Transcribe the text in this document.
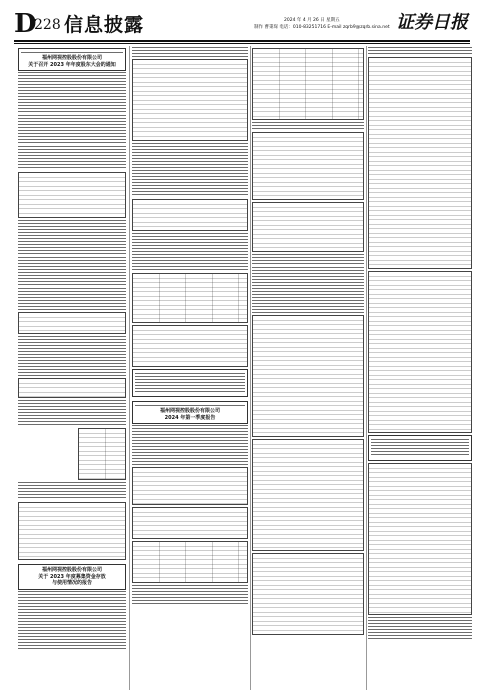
D
228 信息披露	2024 年 4 月 26 日 星期五
制作 曹秉琛 电话：010-83251716 E-mail zqrb9@zqrb.sina.net 证券日报
福州网视控股股份有限公司
关于召开 2023 年年度股东大会的通知
福州网视控股股份有限公司
关于 2023 年度募集资金存放
与使用情况的报告
福州网视控股股份有限公司
2024 年第一季度报告
